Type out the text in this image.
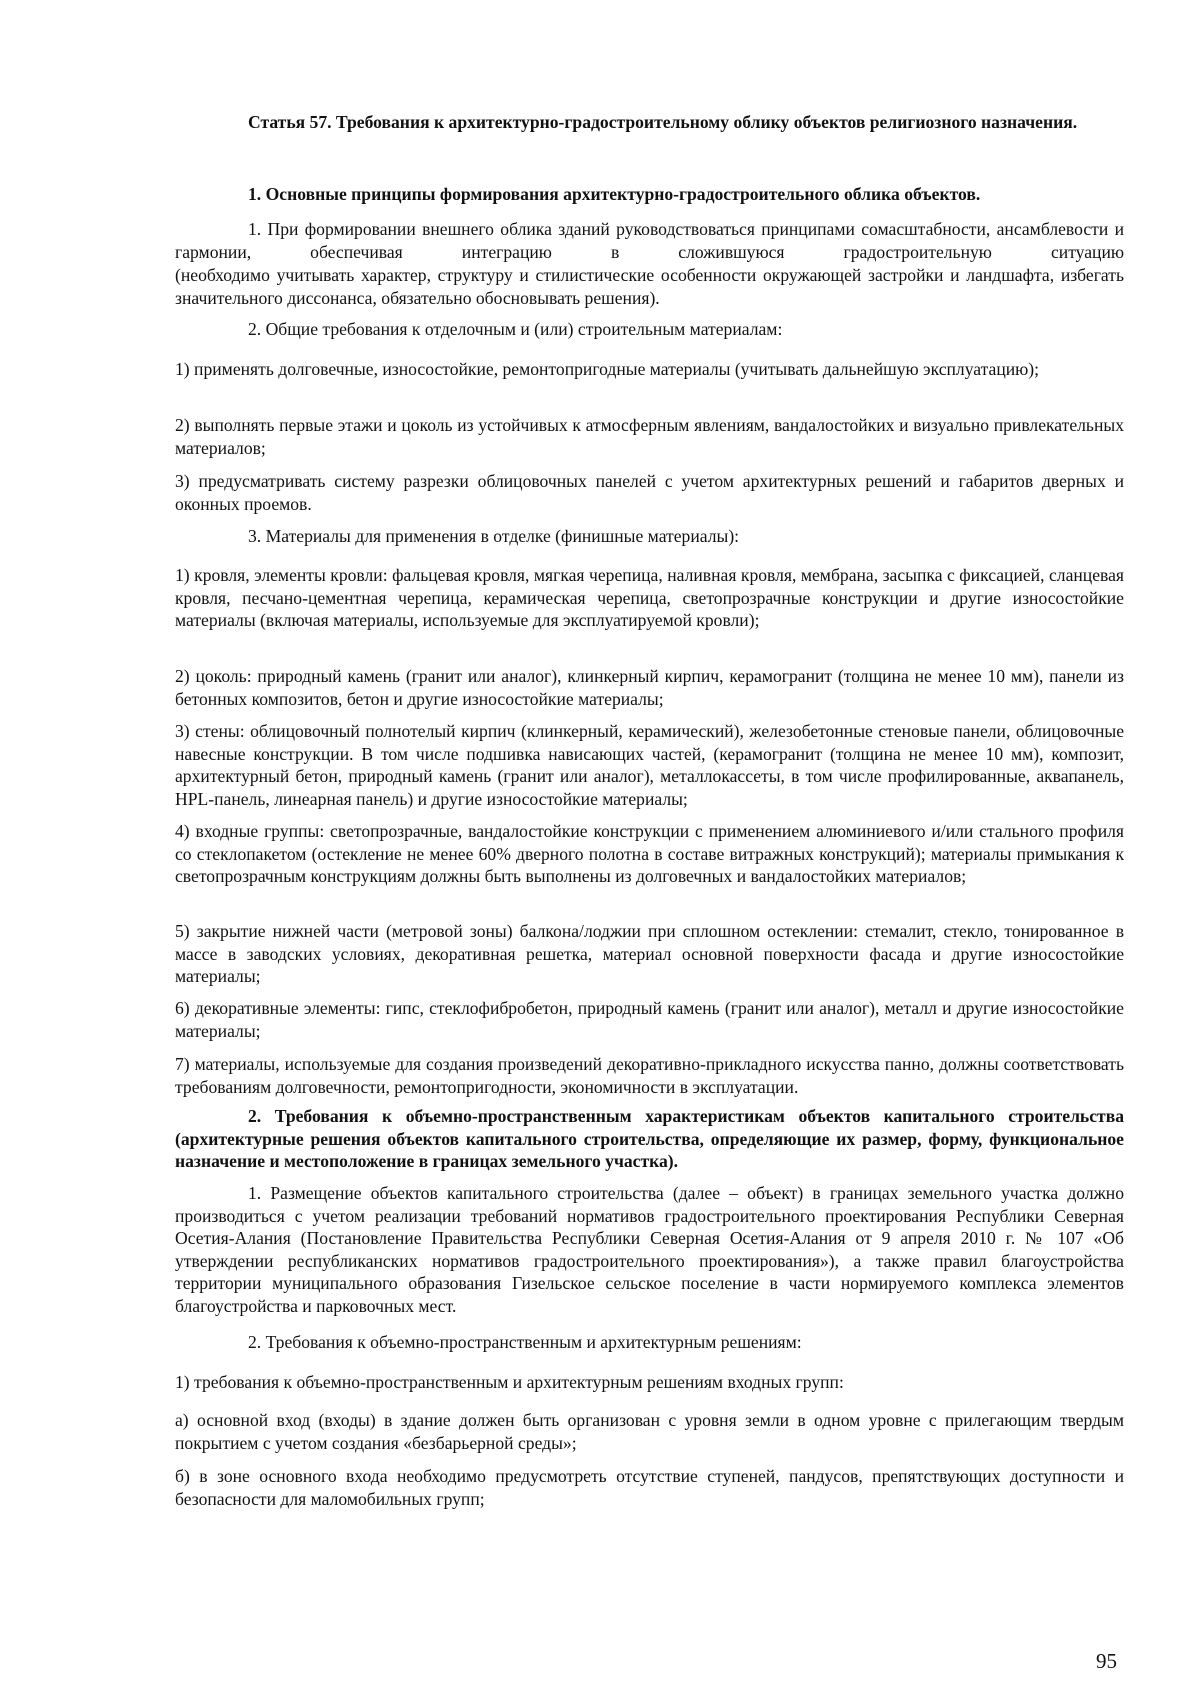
Статья 57. Требования к архитектурно-градостроительному облику объектов религиозного назначения.

1. Основные принципы формирования архитектурно-градостроительного облика объектов.

1. При формировании внешнего облика зданий руководствоваться принципами сомасштабности, ансамблевости и гармонии, обеспечивая интеграцию в сложившуюся градостроительную ситуацию

(необходимо учитывать характер, структуру и стилистические особенности окружающей застройки и ландшафта, избегать значительного диссонанса, обязательно обосновывать решения).

2. Общие требования к отделочным и (или) строительным материалам:

1) применять долговечные, износостойкие, ремонтопригодные материалы (учитывать дальнейшую эксплуатацию);

2) выполнять первые этажи и цоколь из устойчивых к атмосферным явлениям, вандалостойких и визуально привлекательных материалов;

3) предусматривать систему разрезки облицовочных панелей с учетом архитектурных решений и габаритов дверных и оконных проемов.

3. Материалы для применения в отделке (финишные материалы):

1) кровля, элементы кровли: фальцевая кровля, мягкая черепица, наливная кровля, мембрана, засыпка с фиксацией, сланцевая кровля, песчано-цементная черепица, керамическая черепица, светопрозрачные конструкции и другие износостойкие материалы (включая материалы, используемые для эксплуатируемой кровли);

2) цоколь: природный камень (гранит или аналог), клинкерный кирпич, керамогранит (толщина не менее 10 мм), панели из бетонных композитов, бетон и другие износостойкие материалы;

3) стены: облицовочный полнотелый кирпич (клинкерный, керамический), железобетонные стеновые панели, облицовочные навесные конструкции. В том числе подшивка нависающих частей, (керамогранит (толщина не менее 10 мм), композит, архитектурный бетон, природный камень (гранит или аналог), металлокассеты, в том числе профилированные, аквапанель, HPL-панель, линеарная панель) и другие износостойкие материалы;

4) входные группы: светопрозрачные, вандалостойкие конструкции с применением алюминиевого и/или стального профиля со стеклопакетом (остекление не менее 60% дверного полотна в составе витражных конструкций); материалы примыкания к светопрозрачным конструкциям должны быть выполнены из долговечных и вандалостойких материалов;

5) закрытие нижней части (метровой зоны) балкона/лоджии при сплошном остеклении: стемалит, стекло, тонированное в массе в заводских условиях, декоративная решетка, материал основной поверхности фасада и другие износостойкие материалы;

6) декоративные элементы: гипс, стеклофибробетон, природный камень (гранит или аналог), металл и другие износостойкие материалы;

7) материалы, используемые для создания произведений декоративно-прикладного искусства панно, должны соответствовать требованиям долговечности, ремонтопригодности, экономичности в эксплуатации.

2. Требования к объемно-пространственным характеристикам объектов капитального строительства (архитектурные решения объектов капитального строительства, определяющие их размер, форму, функциональное назначение и местоположение в границах земельного участка).

1. Размещение объектов капитального строительства (далее – объект) в границах земельного участка должно производиться с учетом реализации требований нормативов градостроительного проектирования Республики Северная Осетия-Алания (Постановление Правительства Республики Северная Осетия-Алания от 9 апреля 2010 г. № 107 «Об утверждении республиканских нормативов градостроительного проектирования»), а также правил благоустройства территории муниципального образования Гизельское сельское поселение в части нормируемого комплекса элементов благоустройства и парковочных мест.

2. Требования к объемно-пространственным и архитектурным решениям:

1) требования к объемно-пространственным и архитектурным решениям входных групп:

а) основной вход (входы) в здание должен быть организован с уровня земли в одном уровне с прилегающим твердым покрытием с учетом создания «безбарьерной среды»;

б) в зоне основного входа необходимо предусмотреть отсутствие ступеней, пандусов, препятствующих доступности и безопасности для маломобильных групп;

95
